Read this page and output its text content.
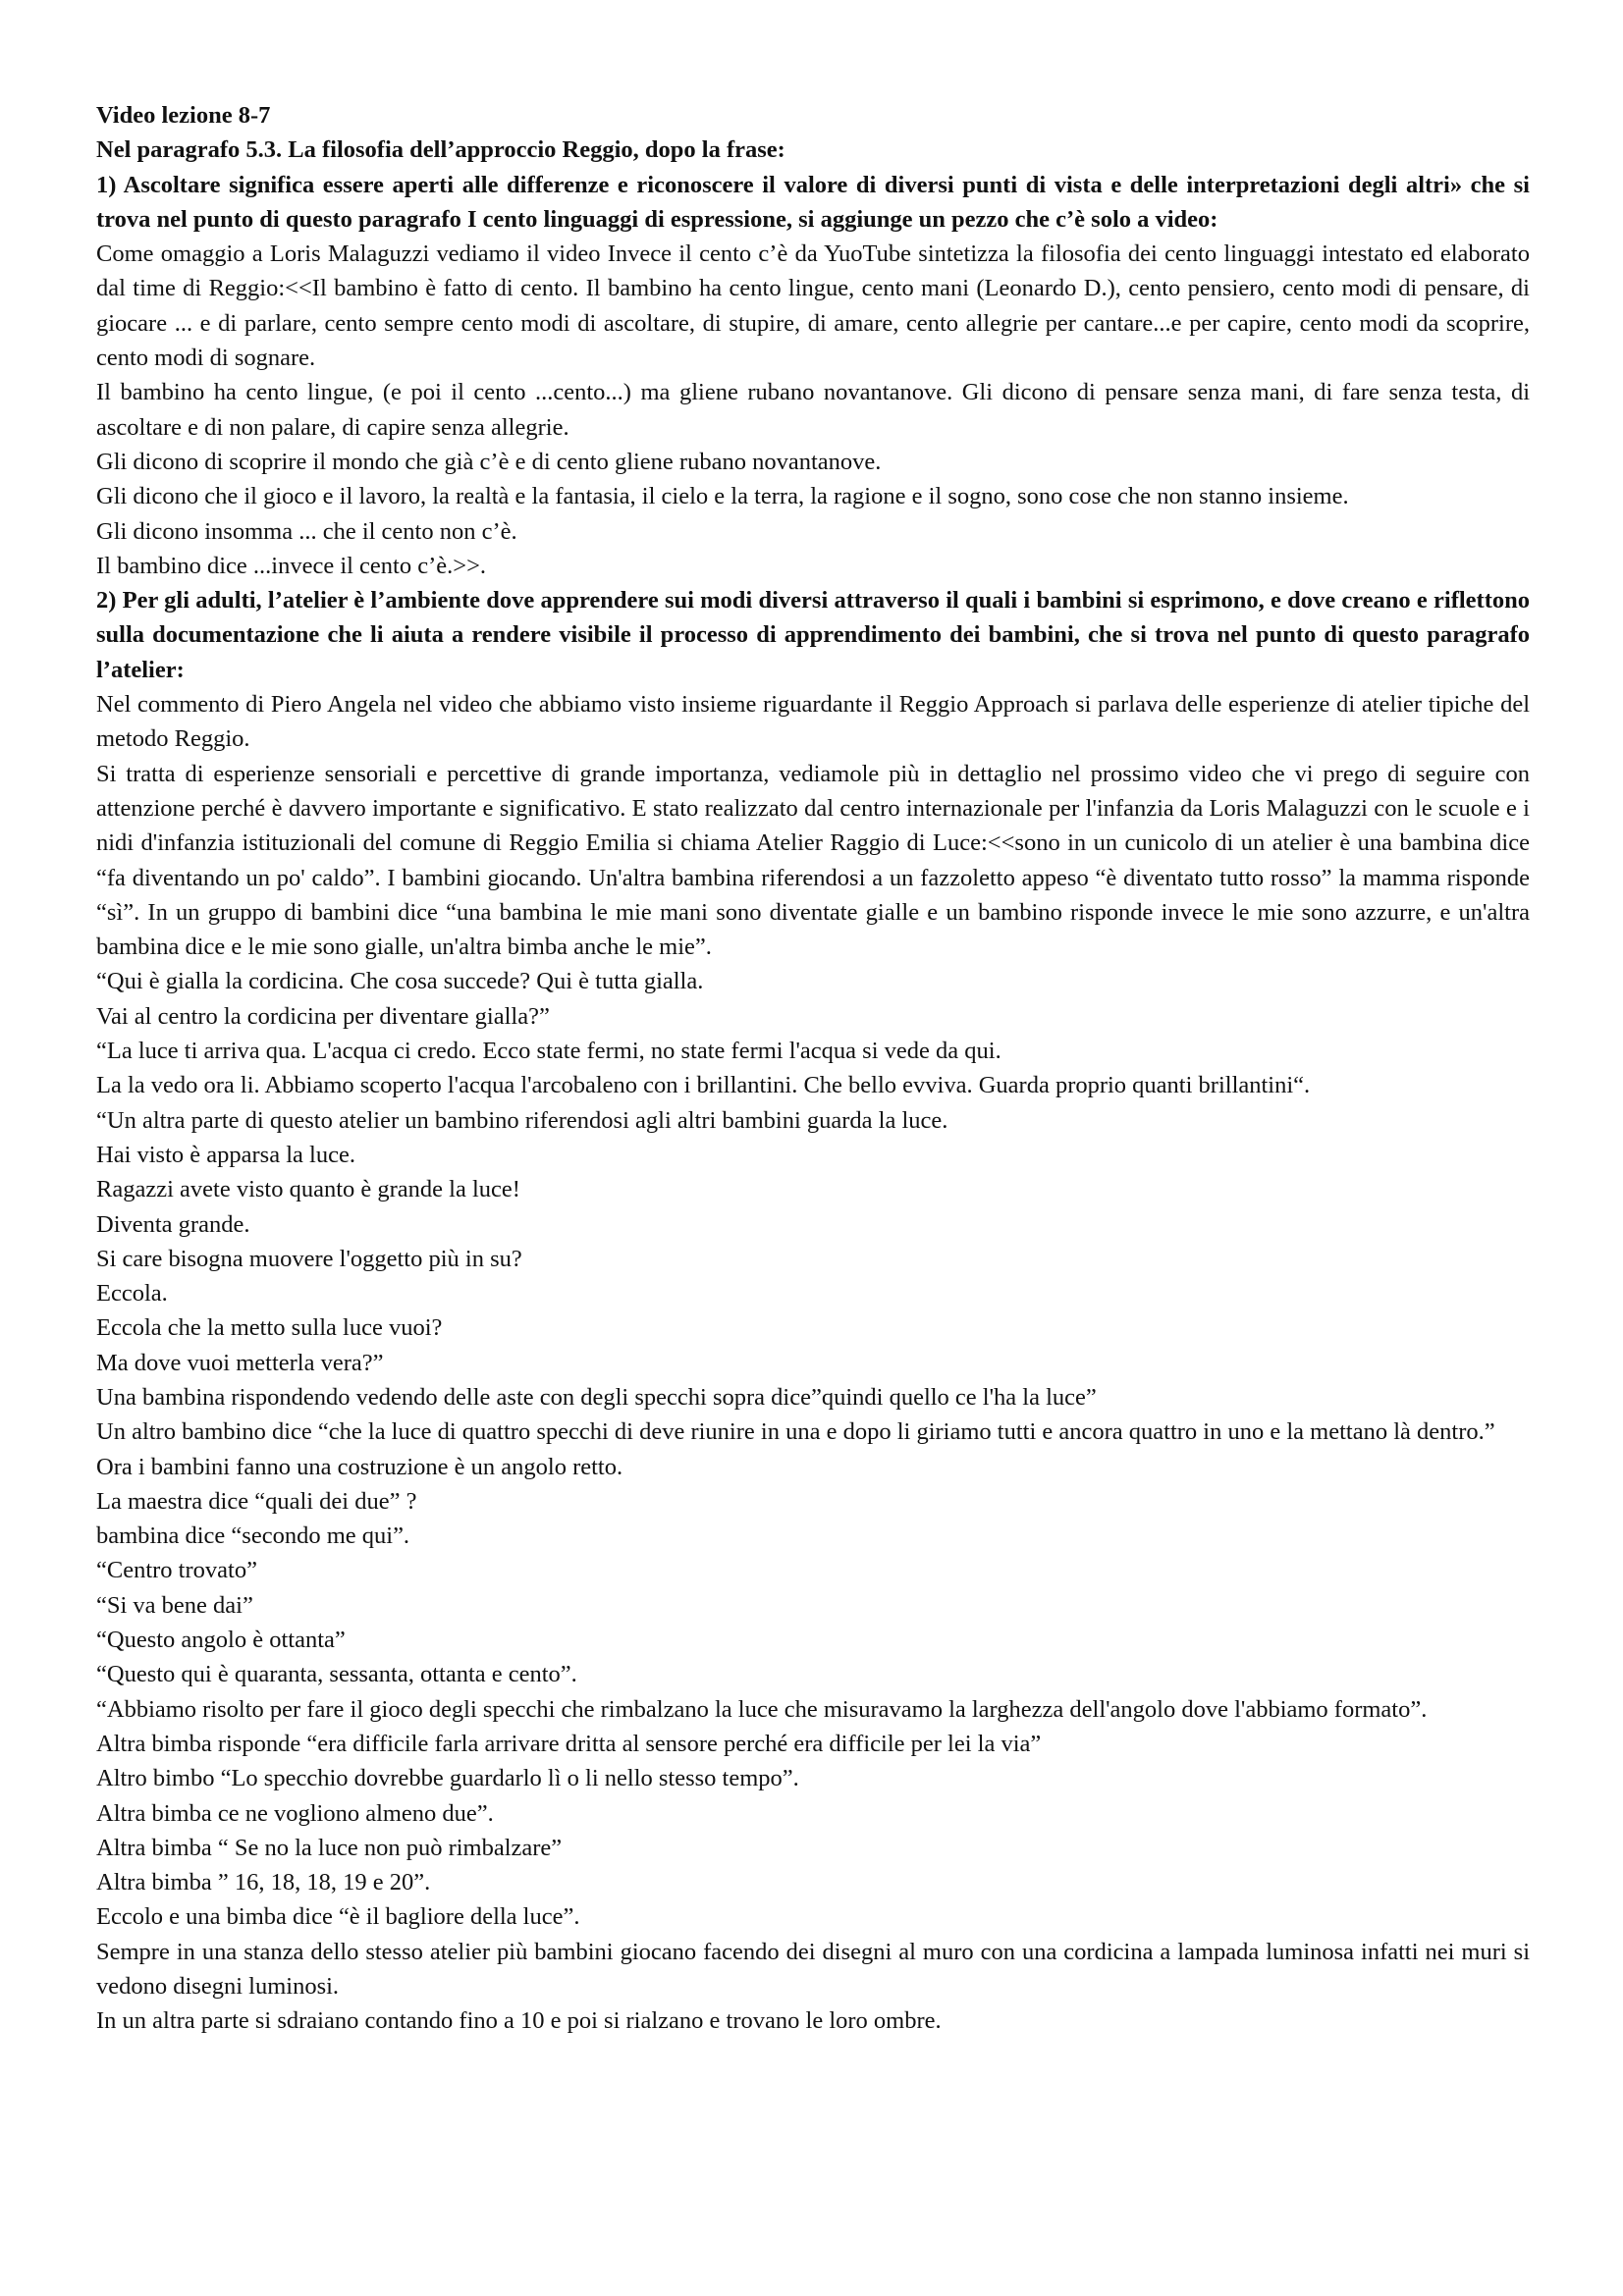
Video lezione 8-7

Nel paragrafo 5.3. La filosofia dell’approccio Reggio, dopo la frase:

1) Ascoltare significa essere aperti alle differenze e riconoscere il valore di diversi punti di vista e delle interpretazioni degli altri» che si trova nel punto di questo paragrafo I cento linguaggi di espressione, si aggiunge un pezzo che c’è solo a video:

Come omaggio a Loris Malaguzzi vediamo il video Invece il cento c’è da YuoTube sintetizza la filosofia dei cento linguaggi intestato ed elaborato dal time di Reggio:<<Il bambino è fatto di cento. Il bambino ha cento lingue, cento mani (Leonardo D.), cento pensiero, cento modi di pensare, di giocare ... e di parlare, cento sempre cento modi di ascoltare, di stupire, di amare, cento allegrie per cantare...e per capire, cento modi da scoprire, cento modi di sognare.

Il bambino ha cento lingue, (e poi il cento ...cento...) ma gliene rubano novantanove. Gli dicono di pensare senza mani, di fare senza testa, di ascoltare e di non palare, di capire senza allegrie.

Gli dicono di scoprire il mondo che già c’è e di cento gliene rubano novantanove.

Gli dicono che il gioco e il lavoro, la realtà e la fantasia, il cielo e la terra, la ragione e il sogno, sono cose che non stanno insieme.

Gli dicono insomma ... che il cento non c’è.

Il bambino dice ...invece il cento c’è.>>.

2) Per gli adulti, l’atelier è l’ambiente dove apprendere sui modi diversi attraverso il quali i bambini si esprimono, e dove creano e riflettono sulla documentazione che li aiuta a rendere visibile il processo di apprendimento dei bambini, che si trova nel punto di questo paragrafo l’atelier:

Nel commento di Piero Angela nel video che abbiamo visto insieme riguardante il Reggio Approach si parlava delle esperienze di atelier tipiche del metodo Reggio.

Si tratta di esperienze sensoriali e percettive di grande importanza, vediamole più in dettaglio nel prossimo video che vi prego di seguire con attenzione perché è davvero importante e significativo. E stato realizzato dal centro internazionale per l'infanzia da Loris Malaguzzi con le scuole e i nidi d'infanzia istituzionali del comune di Reggio Emilia si chiama Atelier Raggio di Luce:<<sono in un cunicolo di un atelier è una bambina dice “fa diventando un po' caldo”. I bambini giocando. Un'altra bambina riferendosi a un fazzoletto appeso “è diventato tutto rosso” la mamma risponde “sì”. In un gruppo di bambini dice “una bambina le mie mani sono diventate gialle e un bambino risponde invece le mie sono azzurre, e un'altra bambina dice e le mie sono gialle, un'altra bimba anche le mie”.

“Qui è gialla la cordicina. Che cosa succede? Qui è tutta gialla.

Vai al centro la cordicina per diventare gialla?”

“La luce ti arriva qua. L'acqua ci credo. Ecco state fermi, no state fermi l'acqua si vede da qui.

La la vedo ora li. Abbiamo scoperto l'acqua l'arcobaleno con i brillantini. Che bello evviva. Guarda proprio quanti brillantini“.

“Un altra parte di questo atelier un bambino riferendosi agli altri bambini guarda la luce.

Hai visto è apparsa la luce.

Ragazzi avete visto quanto è grande la luce!

Diventa grande.

Si care bisogna muovere l'oggetto più in su?

Eccola.

Eccola che la metto sulla luce vuoi?

Ma dove vuoi metterla vera?”

Una bambina rispondendo vedendo delle aste con degli specchi sopra dice”quindi quello ce l'ha la luce”

Un altro bambino dice “che la luce di quattro specchi di deve riunire in una e dopo li giriamo tutti e ancora quattro in uno e la mettano là dentro.”

Ora i bambini fanno una costruzione è un angolo retto.

La maestra dice “quali dei due” ?

bambina dice “secondo me qui”.

“Centro trovato”

“Si va bene dai”

“Questo angolo è ottanta”

“Questo qui è quaranta, sessanta, ottanta e cento”.

“Abbiamo risolto per fare il gioco degli specchi che rimbalzano la luce che misuravamo la larghezza dell'angolo dove l'abbiamo formato”.

Altra bimba risponde “era difficile farla arrivare dritta al sensore perché era difficile per lei la via”

Altro bimbo “Lo specchio dovrebbe guardarlo lì o li nello stesso tempo”.

Altra bimba ce ne vogliono almeno due”.

Altra bimba “ Se no la luce non può rimbalzare”

Altra bimba ” 16, 18, 18, 19 e 20”.

Eccolo e una bimba dice “è il bagliore della luce”.

Sempre in una stanza dello stesso atelier più bambini giocano facendo dei disegni al muro con una cordicina a lampada luminosa infatti nei muri si vedono disegni luminosi.

In un altra parte si sdraiano contando fino a 10 e poi si rialzano e trovano le loro ombre.
